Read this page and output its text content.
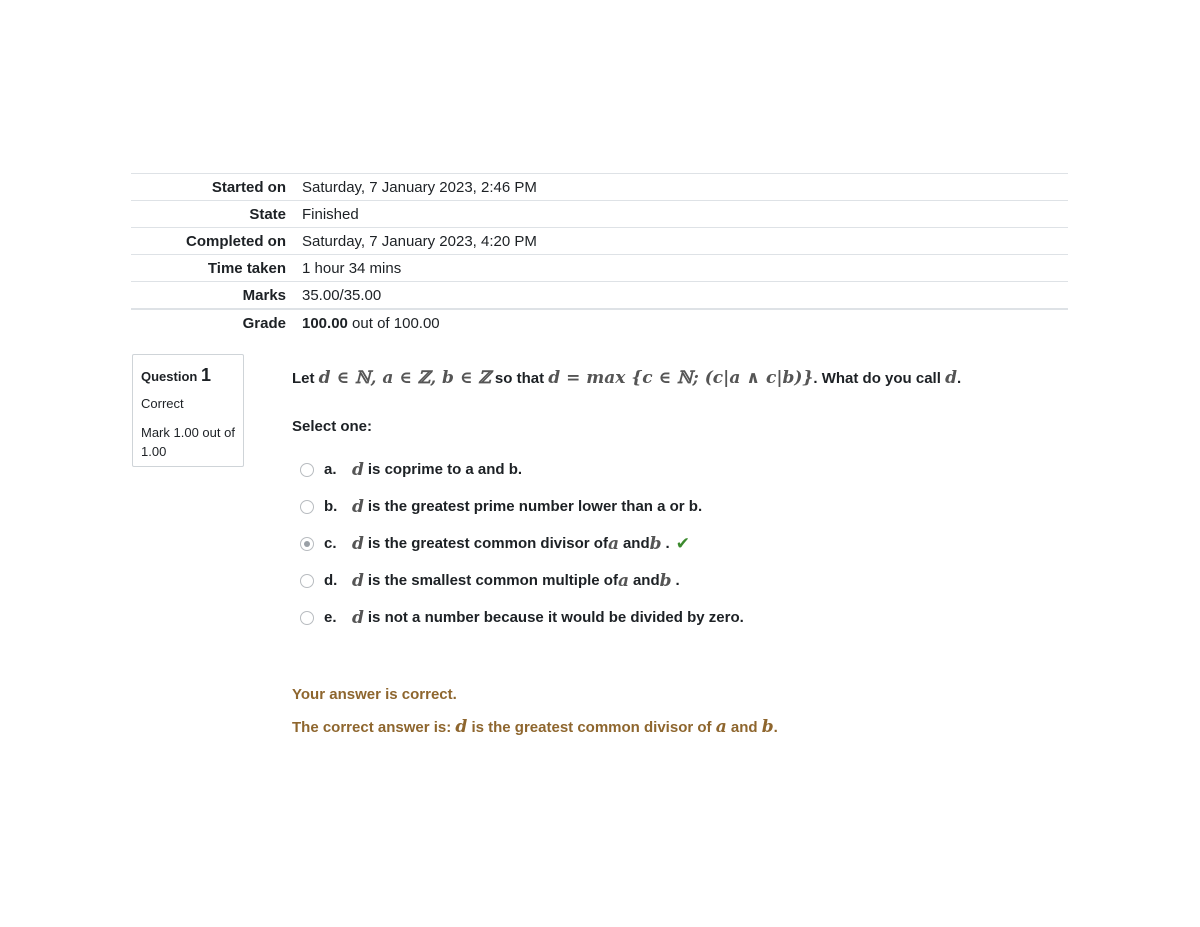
Started on	Saturday, 7 January 2023, 2:46 PM
State	Finished
Completed on	Saturday, 7 January 2023, 4:20 PM
Time taken	1 hour 34 mins
Marks	35.00/35.00
Grade	100.00 out of 100.00
Question 1
Correct
Mark 1.00 out of 1.00
Let d ∈ ℕ, a ∈ ℤ, b ∈ ℤ so that d = max {c ∈ ℕ; (c|a ∧ c|b)}. What do you call d.
Select one:
a. d is coprime to a and b.
b. d is the greatest prime number lower than a or b.
c. d is the greatest common divisor of a and b . ✔
d. d is the smallest common multiple of a and b .
e. d is not a number because it would be divided by zero.
Your answer is correct.
The correct answer is: d is the greatest common divisor of a and b.
